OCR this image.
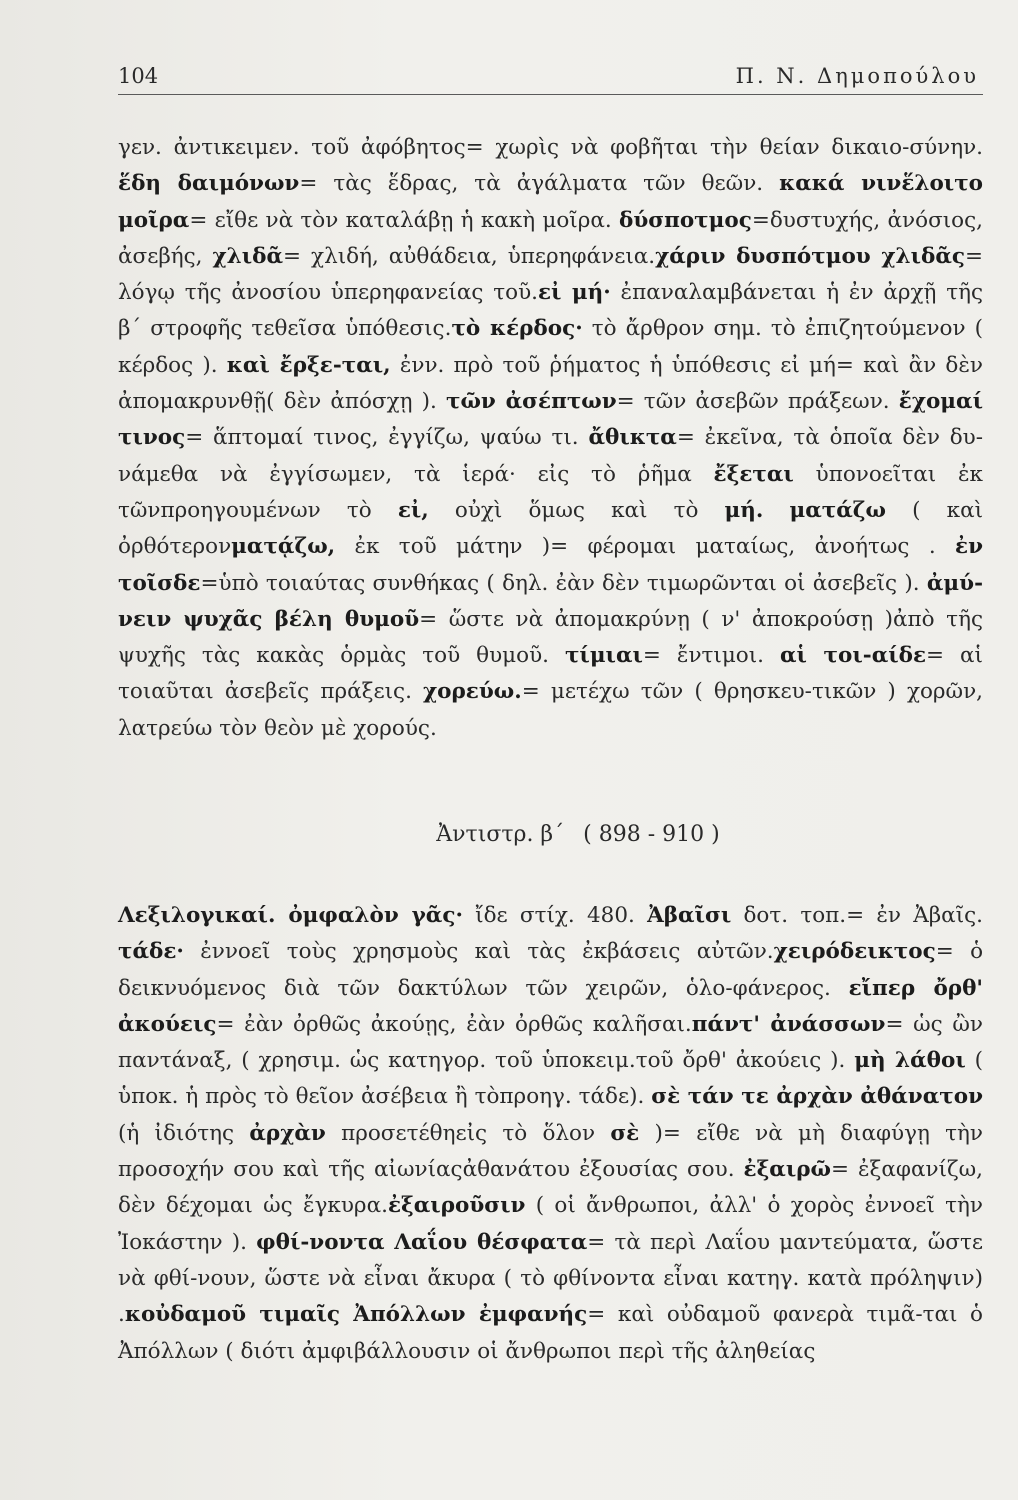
104	Π. Ν. Δημοπούλου

γεν. ἀντικειμεν. τοῦ ἀφόβητος= χωρὶς νὰ φοβῆται τὴν θείαν δικαιο-σύνην. ἕδη δαιμόνων= τὰς ἕδρας, τὰ ἀγάλματα τῶν θεῶν. κακά νινἕλοιτο μοῖρα= εἴθε νὰ τὸν καταλάβῃ ἡ κακὴ μοῖρα. δύσποτμος=δυστυχής, ἀνόσιος, ἀσεβής, χλιδᾶ= χλιδή, αὐθάδεια, ὑπερηφάνεια.χάριν δυσπότμου χλιδᾶς= λόγῳ τῆς ἀνοσίου ὑπερηφανείας τοῦ.εἰ μή· ἐπαναλαμβάνεται ἡ ἐν ἀρχῇ τῆς β΄ στροφῆς τεθεῖσα ὑπόθεσις.τὸ κέρδος· τὸ ἄρθρον σημ. τὸ ἐπιζητούμενον ( κέρδος ). καὶ ἔρξε-ται, ἐνν. πρὸ τοῦ ῥήματος ἡ ὑπόθεσις εἰ μή= καὶ ἂν δὲν ἀπομακρυνθῇ( δὲν ἀπόσχῃ ). τῶν ἀσέπτων= τῶν ἀσεβῶν πράξεων. ἔχομαί τινος= ἅπτομαί τινος, ἐγγίζω, ψαύω τι. ἄθικτα= ἐκεῖνα, τὰ ὁποῖα δὲν δυ-νάμεθα νὰ ἐγγίσωμεν, τὰ ἱερά· εἰς τὸ ῥῆμα ἔξεται ὑπονοεῖται ἐκ τῶνπροηγουμένων τὸ εἰ, οὐχὶ ὅμως καὶ τὸ μή. ματάζω ( καὶ ὀρθότερονματᾴζω, ἐκ τοῦ μάτην )= φέρομαι ματαίως, ἀνοήτως . ἐν τοῖσδε=ὑπὸ τοιαύτας συνθήκας ( δηλ. ἐὰν δὲν τιμωρῶνται οἱ ἀσεβεῖς ). ἀμύ-νειν ψυχᾶς βέλη θυμοῦ= ὥστε νὰ ἀπομακρύνῃ ( ν' ἀποκρούσῃ )ἀπὸ τῆς ψυχῆς τὰς κακὰς ὁρμὰς τοῦ θυμοῦ. τίμιαι= ἔντιμοι. αἱ τοι-αίδε= αἱ τοιαῦται ἀσεβεῖς πράξεις. χορεύω.= μετέχω τῶν ( θρησκευ-τικῶν ) χορῶν, λατρεύω τὸν θεὸν μὲ χορούς.

Ἀντιστρ. β΄ ( 898 - 910 )

Λεξιλογικαί. ὀμφαλὸν γᾶς· ἴδε στίχ. 480. Ἀβαῖσι δοτ. τοπ.= ἐν Ἀβαῖς. τάδε· ἐννοεῖ τοὺς χρησμοὺς καὶ τὰς ἐκβάσεις αὐτῶν.χειρόδεικτος= ὁ δεικνυόμενος διὰ τῶν δακτύλων τῶν χειρῶν, ὁλο-φάνερος. εἴπερ ὄρθ' ἀκούεις= ἐὰν ὀρθῶς ἀκούῃς, ἐὰν ὀρθῶς καλῆσαι.πάντ' ἀνάσσων= ὡς ὢν παντάναξ, ( χρησιμ. ὡς κατηγορ. τοῦ ὑποκειμ.τοῦ ὄρθ' ἀκούεις ). μὴ λάθοι ( ὑποκ. ἡ πρὸς τὸ θεῖον ἀσέβεια ἢ τὸπροηγ. τάδε). σὲ τάν τε ἀρχὰν ἀθάνατον (ἡ ἰδιότης ἀρχὰν προσετέθηεἰς τὸ ὅλον σὲ )= εἴθε νὰ μὴ διαφύγῃ τὴν προσοχήν σου καὶ τῆς αἰωνίαςἀθανάτου ἐξουσίας σου. ἐξαιρῶ= ἐξαφανίζω, δὲν δέχομαι ὡς ἔγκυρα.ἐξαιροῦσιν ( οἱ ἄνθρωποι, ἀλλ' ὁ χορὸς ἐννοεῖ τὴν Ἰοκάστην ). φθί-νοντα Λαΐου θέσφατα= τὰ περὶ Λαΐου μαντεύματα, ὥστε νὰ φθί-νουν, ὥστε νὰ εἶναι ἄκυρα ( τὸ φθίνοντα εἶναι κατηγ. κατὰ πρόληψιν) .κοὐδαμοῦ τιμαῖς Ἀπόλλων ἐμφανής= καὶ οὐδαμοῦ φανερὰ τιμᾶ-ται ὁ Ἀπόλλων ( διότι ἀμφιβάλλουσιν οἱ ἄνθρωποι περὶ τῆς ἀληθείας
